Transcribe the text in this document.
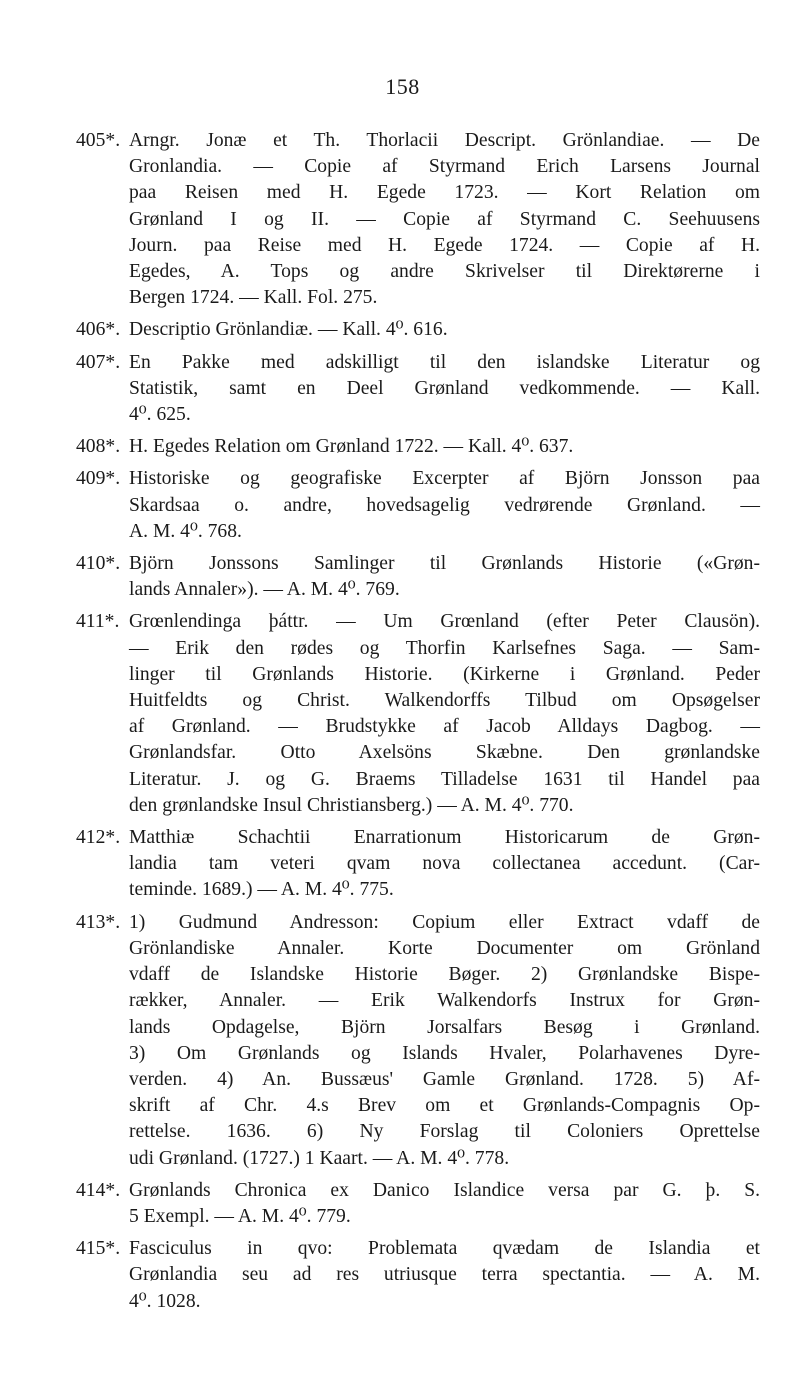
158
405*. Arngr. Jonæ et Th. Thorlacii Descript. Grönlandiae. — De
Gronlandia. — Copie af Styrmand Erich Larsens Journal
paa Reisen med H. Egede 1723. — Kort Relation om
Grønland I og II. — Copie af Styrmand C. Seehuusens
Journ. paa Reise med H. Egede 1724. — Copie af H.
Egedes, A. Tops og andre Skrivelser til Direktørerne i
Bergen 1724. — Kall. Fol. 275.
406*. Descriptio Grönlandiæ. — Kall. 4⁰. 616.
407*. En Pakke med adskilligt til den islandske Literatur og
Statistik, samt en Deel Grønland vedkommende. — Kall.
4⁰. 625.
408*. H. Egedes Relation om Grønland 1722. — Kall. 4⁰. 637.
409*. Historiske og geografiske Excerpter af Björn Jonsson paa
Skardsaa o. andre, hovedsagelig vedrørende Grønland. —
A. M. 4⁰. 768.
410*. Björn Jonssons Samlinger til Grønlands Historie («Grøn-
lands Annaler»). — A. M. 4⁰. 769.
411*. Grœnlendinga þáttr. — Um Grœnland (efter Peter Clausön).
— Erik den rødes og Thorfin Karlsefnes Saga. — Sam-
linger til Grønlands Historie. (Kirkerne i Grønland. Peder
Huitfeldts og Christ. Walkendorffs Tilbud om Opsøgelser
af Grønland. — Brudstykke af Jacob Alldays Dagbog. —
Grønlandsfar. Otto Axelsöns Skæbne. Den grønlandske
Literatur. J. og G. Braems Tilladelse 1631 til Handel paa
den grønlandske Insul Christiansberg.) — A. M. 4⁰. 770.
412*. Matthiæ Schachtii Enarrationum Historicarum de Grøn-
landia tam veteri qvam nova collectanea accedunt. (Car-
teminde. 1689.) — A. M. 4⁰. 775.
413*. 1) Gudmund Andresson: Copium eller Extract vdaff de
Grönlandiske Annaler. Korte Documenter om Grönland
vdaff de Islandske Historie Bøger. 2) Grønlandske Bispe-
rækker, Annaler. — Erik Walkendorfs Instrux for Grøn-
lands Opdagelse, Björn Jorsalfars Besøg i Grønland.
3) Om Grønlands og Islands Hvaler, Polarhavenes Dyre-
verden. 4) An. Bussæus' Gamle Grønland. 1728. 5) Af-
skrift af Chr. 4.s Brev om et Grønlands-Compagnis Op-
rettelse. 1636. 6) Ny Forslag til Coloniers Oprettelse
udi Grønland. (1727.) 1 Kaart. — A. M. 4⁰. 778.
414*. Grønlands Chronica ex Danico Islandice versa par G. þ. S.
5 Exempl. — A. M. 4⁰. 779.
415*. Fasciculus in qvo: Problemata qvædam de Islandia et
Grønlandia seu ad res utriusque terra spectantia. — A. M.
4⁰. 1028.
